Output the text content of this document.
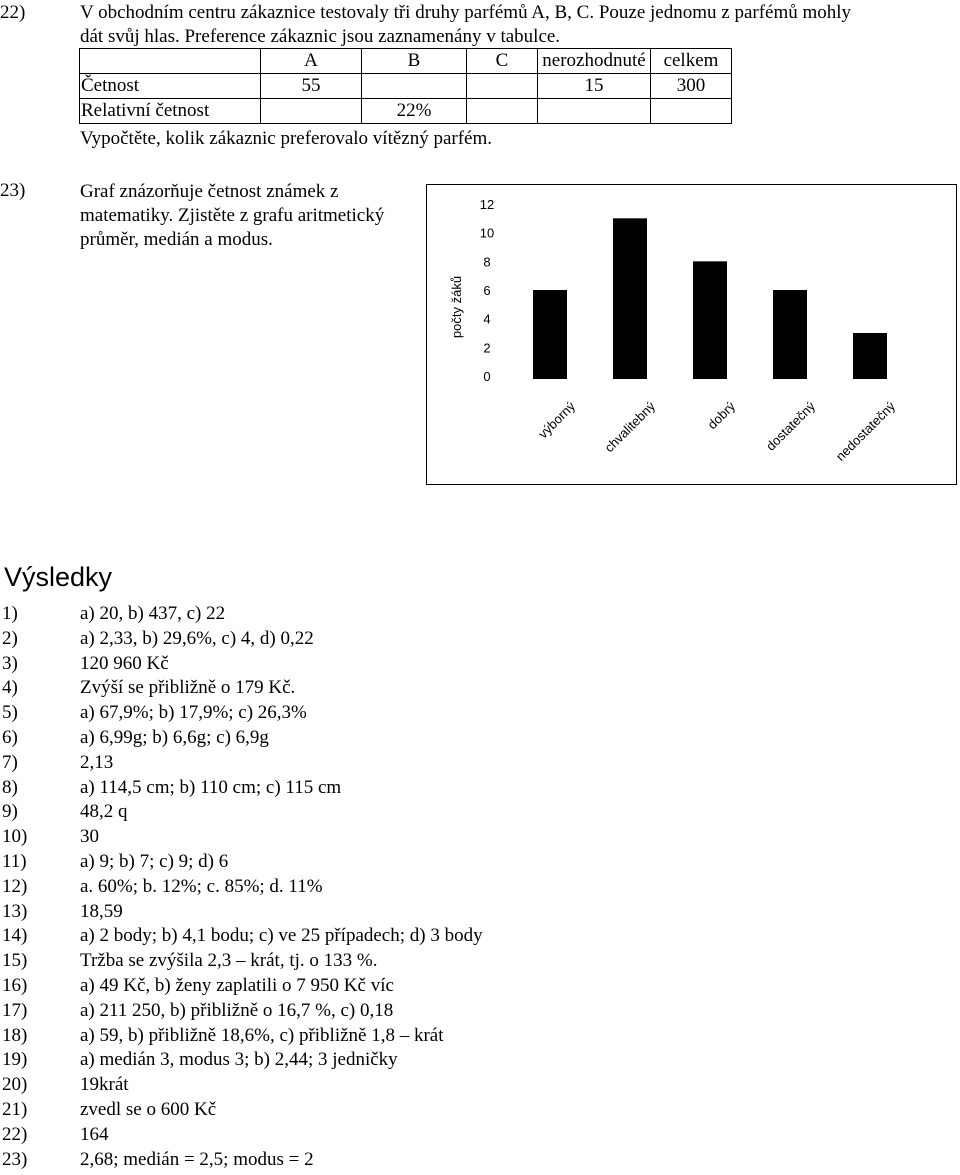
22)	V obchodním centru zákaznice testovaly tři druhy parfémů A, B, C. Pouze jednomu z parfémů mohly
dát svůj hlas. Preference zákaznic jsou zaznamenány v tabulce.
	A	B	C	nerozhodnuté	celkem
Četnost	55			15	300
Relativní četnost		22%			
Vypočtěte, kolik zákaznic preferovalo vítězný parfém.
23)	Graf znázorňuje četnost známek z matematiky. Zjistěte z grafu aritmetický průměr, medián a modus.
0
2
4
6
8
10
12
počty žáků
výborný chvalitebný	dobrý dostatečný nedostatečný
Výsledky
1)	a) 20, b) 437, c) 22
2)	a) 2,33, b) 29,6%, c) 4, d) 0,22
3)	120 960 Kč
4)	Zvýší se přibližně o 179 Kč.
5)	a) 67,9%; b) 17,9%; c) 26,3%
6)	a) 6,99g; b) 6,6g; c) 6,9g
7)	2,13
8)	a) 114,5 cm; b) 110 cm; c) 115 cm
9)	48,2 q
10)	30
11)	a) 9; b) 7; c) 9; d) 6
12)	a. 60%; b. 12%; c. 85%; d. 11%
13)	18,59
14)	a) 2 body; b) 4,1 bodu; c) ve 25 případech; d) 3 body
15)	Tržba se zvýšila 2,3 – krát, tj. o 133 %.
16)	a) 49 Kč, b) ženy zaplatili o 7 950 Kč víc
17)	a) 211 250, b) přibližně o 16,7 %, c) 0,18
18)	a) 59, b) přibližně 18,6%, c) přibližně 1,8 – krát
19)	a) medián 3, modus 3; b) 2,44; 3 jedničky
20)	19krát
21)	zvedl se o 600 Kč
22)	164
23)	2,68; medián = 2,5; modus = 2
